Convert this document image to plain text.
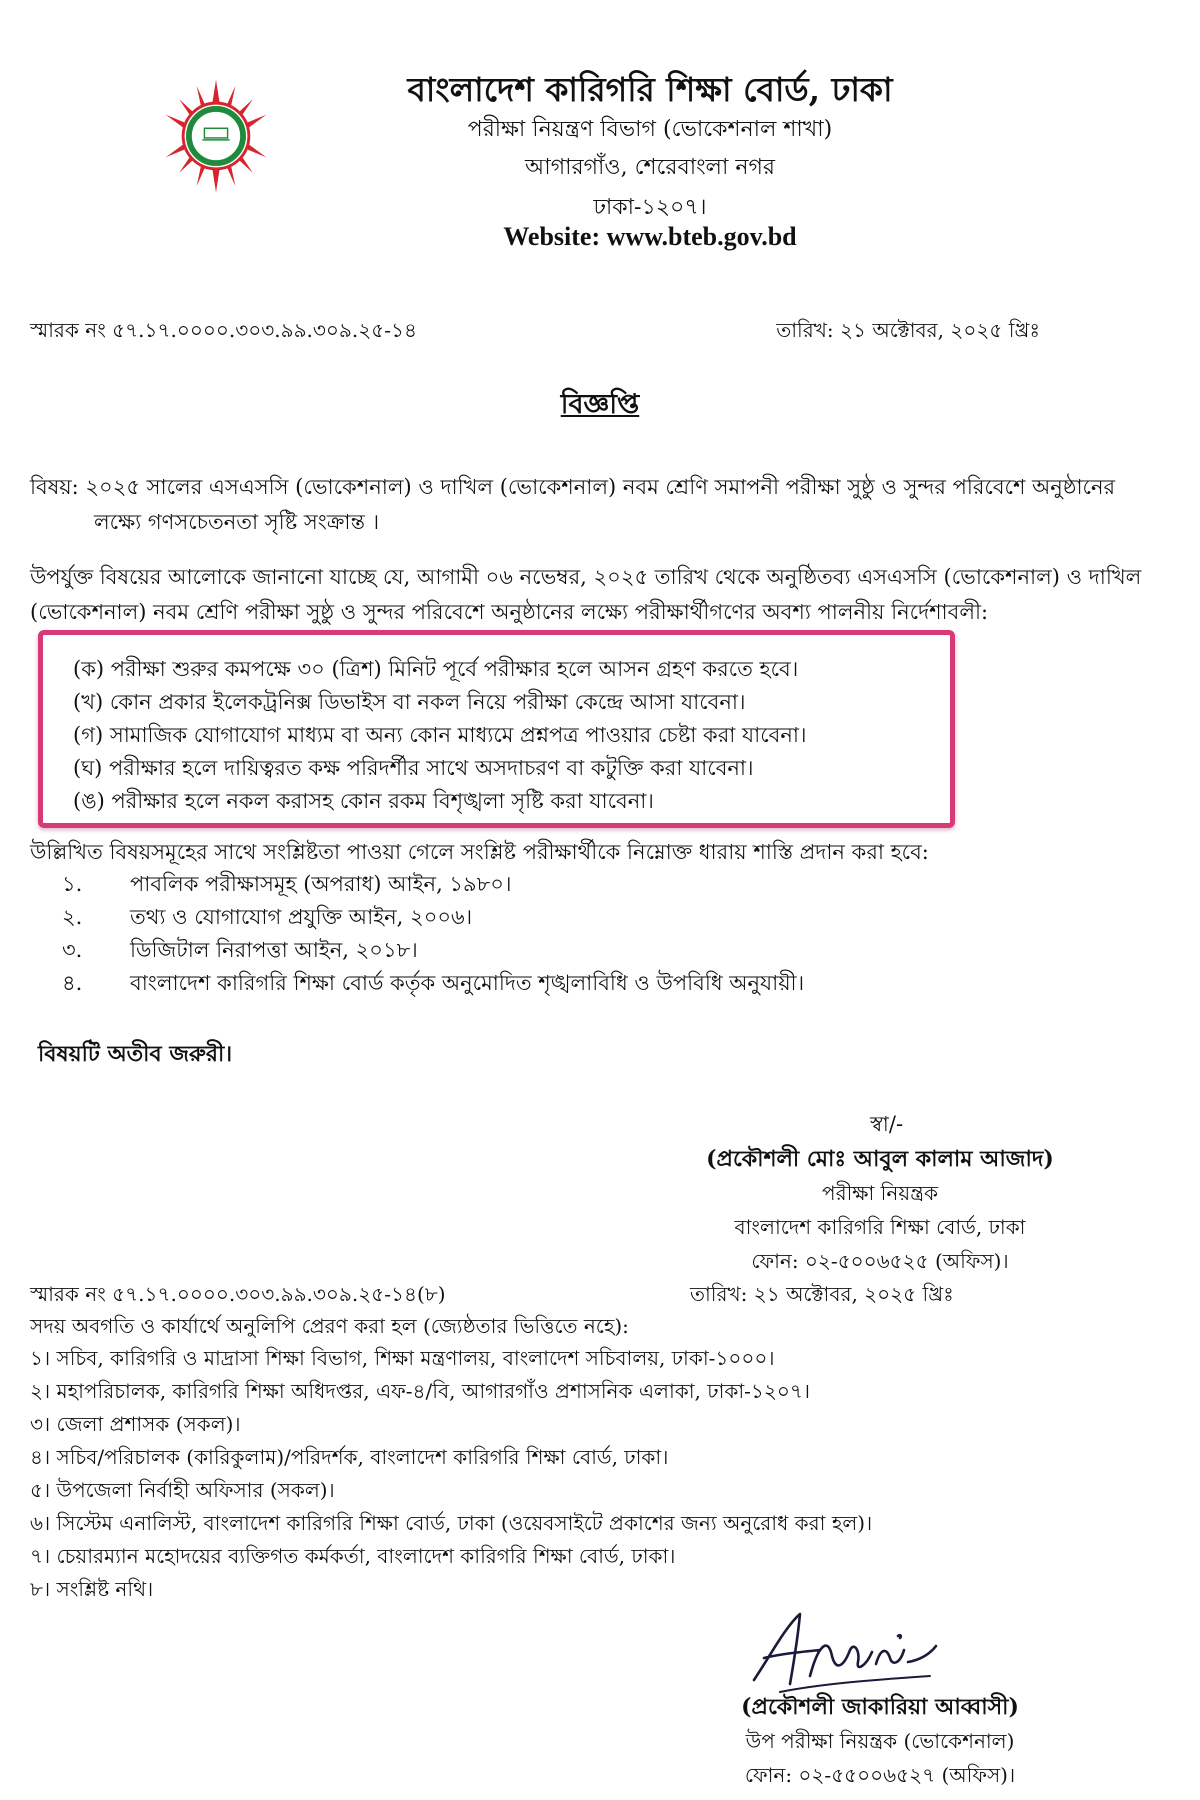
বাংলাদেশ কারিগরি শিক্ষা বোর্ড, ঢাকা
পরীক্ষা নিয়ন্ত্রণ বিভাগ (ভোকেশনাল শাখা)
আগারগাঁও, শেরেবাংলা নগর
ঢাকা-১২০৭।
Website: www.bteb.gov.bd
স্মারক নং ৫৭.১৭.০০০০.৩০৩.৯৯.৩০৯.২৫-১৪	তারিখ: ২১ অক্টোবর, ২০২৫ খ্রিঃ
বিজ্ঞপ্তি
বিষয়: ২০২৫ সালের এসএসসি (ভোকেশনাল) ও দাখিল (ভোকেশনাল) নবম শ্রেণি সমাপনী পরীক্ষা সুষ্ঠু ও সুন্দর পরিবেশে অনুষ্ঠানের
লক্ষ্যে গণসচেতনতা সৃষ্টি সংক্রান্ত ।
উপর্যুক্ত বিষয়ের আলোকে জানানো যাচ্ছে যে, আগামী ০৬ নভেম্বর, ২০২৫ তারিখ থেকে অনুষ্ঠিতব্য এসএসসি (ভোকেশনাল) ও দাখিল
(ভোকেশনাল) নবম শ্রেণি পরীক্ষা সুষ্ঠু ও সুন্দর পরিবেশে অনুষ্ঠানের লক্ষ্যে পরীক্ষার্থীগণের অবশ্য পালনীয় নির্দেশাবলী:
(ক) পরীক্ষা শুরুর কমপক্ষে ৩০ (ত্রিশ) মিনিট পূর্বে পরীক্ষার হলে আসন গ্রহণ করতে হবে।
(খ) কোন প্রকার ইলেকট্রনিক্স ডিভাইস বা নকল নিয়ে পরীক্ষা কেন্দ্রে আসা যাবেনা।
(গ) সামাজিক যোগাযোগ মাধ্যম বা অন্য কোন মাধ্যমে প্রশ্নপত্র পাওয়ার চেষ্টা করা যাবেনা।
(ঘ) পরীক্ষার হলে দায়িত্বরত কক্ষ পরিদর্শীর সাথে অসদাচরণ বা কটুক্তি করা যাবেনা।
(ঙ) পরীক্ষার হলে নকল করাসহ কোন রকম বিশৃঙ্খলা সৃষ্টি করা যাবেনা।
উল্লিখিত বিষয়সমূহের সাথে সংশ্লিষ্টতা পাওয়া গেলে সংশ্লিষ্ট পরীক্ষার্থীকে নিম্নোক্ত ধারায় শাস্তি প্রদান করা হবে:
১.	পাবলিক পরীক্ষাসমূহ (অপরাধ) আইন, ১৯৮০।
২.	তথ্য ও যোগাযোগ প্রযুক্তি আইন, ২০০৬।
৩.	ডিজিটাল নিরাপত্তা আইন, ২০১৮।
৪.	বাংলাদেশ কারিগরি শিক্ষা বোর্ড কর্তৃক অনুমোদিত শৃঙ্খলাবিধি ও উপবিধি অনুযায়ী।
বিষয়টি অতীব জরুরী।
স্বা/-
(প্রকৌশলী মোঃ আবুল কালাম আজাদ)
পরীক্ষা নিয়ন্ত্রক
বাংলাদেশ কারিগরি শিক্ষা বোর্ড, ঢাকা
ফোন: ০২-৫০০৬৫২৫ (অফিস)।
স্মারক নং ৫৭.১৭.০০০০.৩০৩.৯৯.৩০৯.২৫-১৪(৮)	তারিখ: ২১ অক্টোবর, ২০২৫ খ্রিঃ
সদয় অবগতি ও কার্যার্থে অনুলিপি প্রেরণ করা হল (জ্যেষ্ঠতার ভিত্তিতে নহে):
১। সচিব, কারিগরি ও মাদ্রাসা শিক্ষা বিভাগ, শিক্ষা মন্ত্রণালয়, বাংলাদেশ সচিবালয়, ঢাকা-১০০০।
২। মহাপরিচালক, কারিগরি শিক্ষা অধিদপ্তর, এফ-৪/বি, আগারগাঁও প্রশাসনিক এলাকা, ঢাকা-১২০৭।
৩। জেলা প্রশাসক (সকল)।
৪। সচিব/পরিচালক (কারিকুলাম)/পরিদর্শক, বাংলাদেশ কারিগরি শিক্ষা বোর্ড, ঢাকা।
৫। উপজেলা নির্বাহী অফিসার (সকল)।
৬। সিস্টেম এনালিস্ট, বাংলাদেশ কারিগরি শিক্ষা বোর্ড, ঢাকা (ওয়েবসাইটে প্রকাশের জন্য অনুরোধ করা হল)।
৭। চেয়ারম্যান মহোদয়ের ব্যক্তিগত কর্মকর্তা, বাংলাদেশ কারিগরি শিক্ষা বোর্ড, ঢাকা।
৮। সংশ্লিষ্ট নথি।
(প্রকৌশলী জাকারিয়া আব্বাসী)
উপ পরীক্ষা নিয়ন্ত্রক (ভোকেশনাল)
ফোন: ০২-৫৫০০৬৫২৭ (অফিস)।
